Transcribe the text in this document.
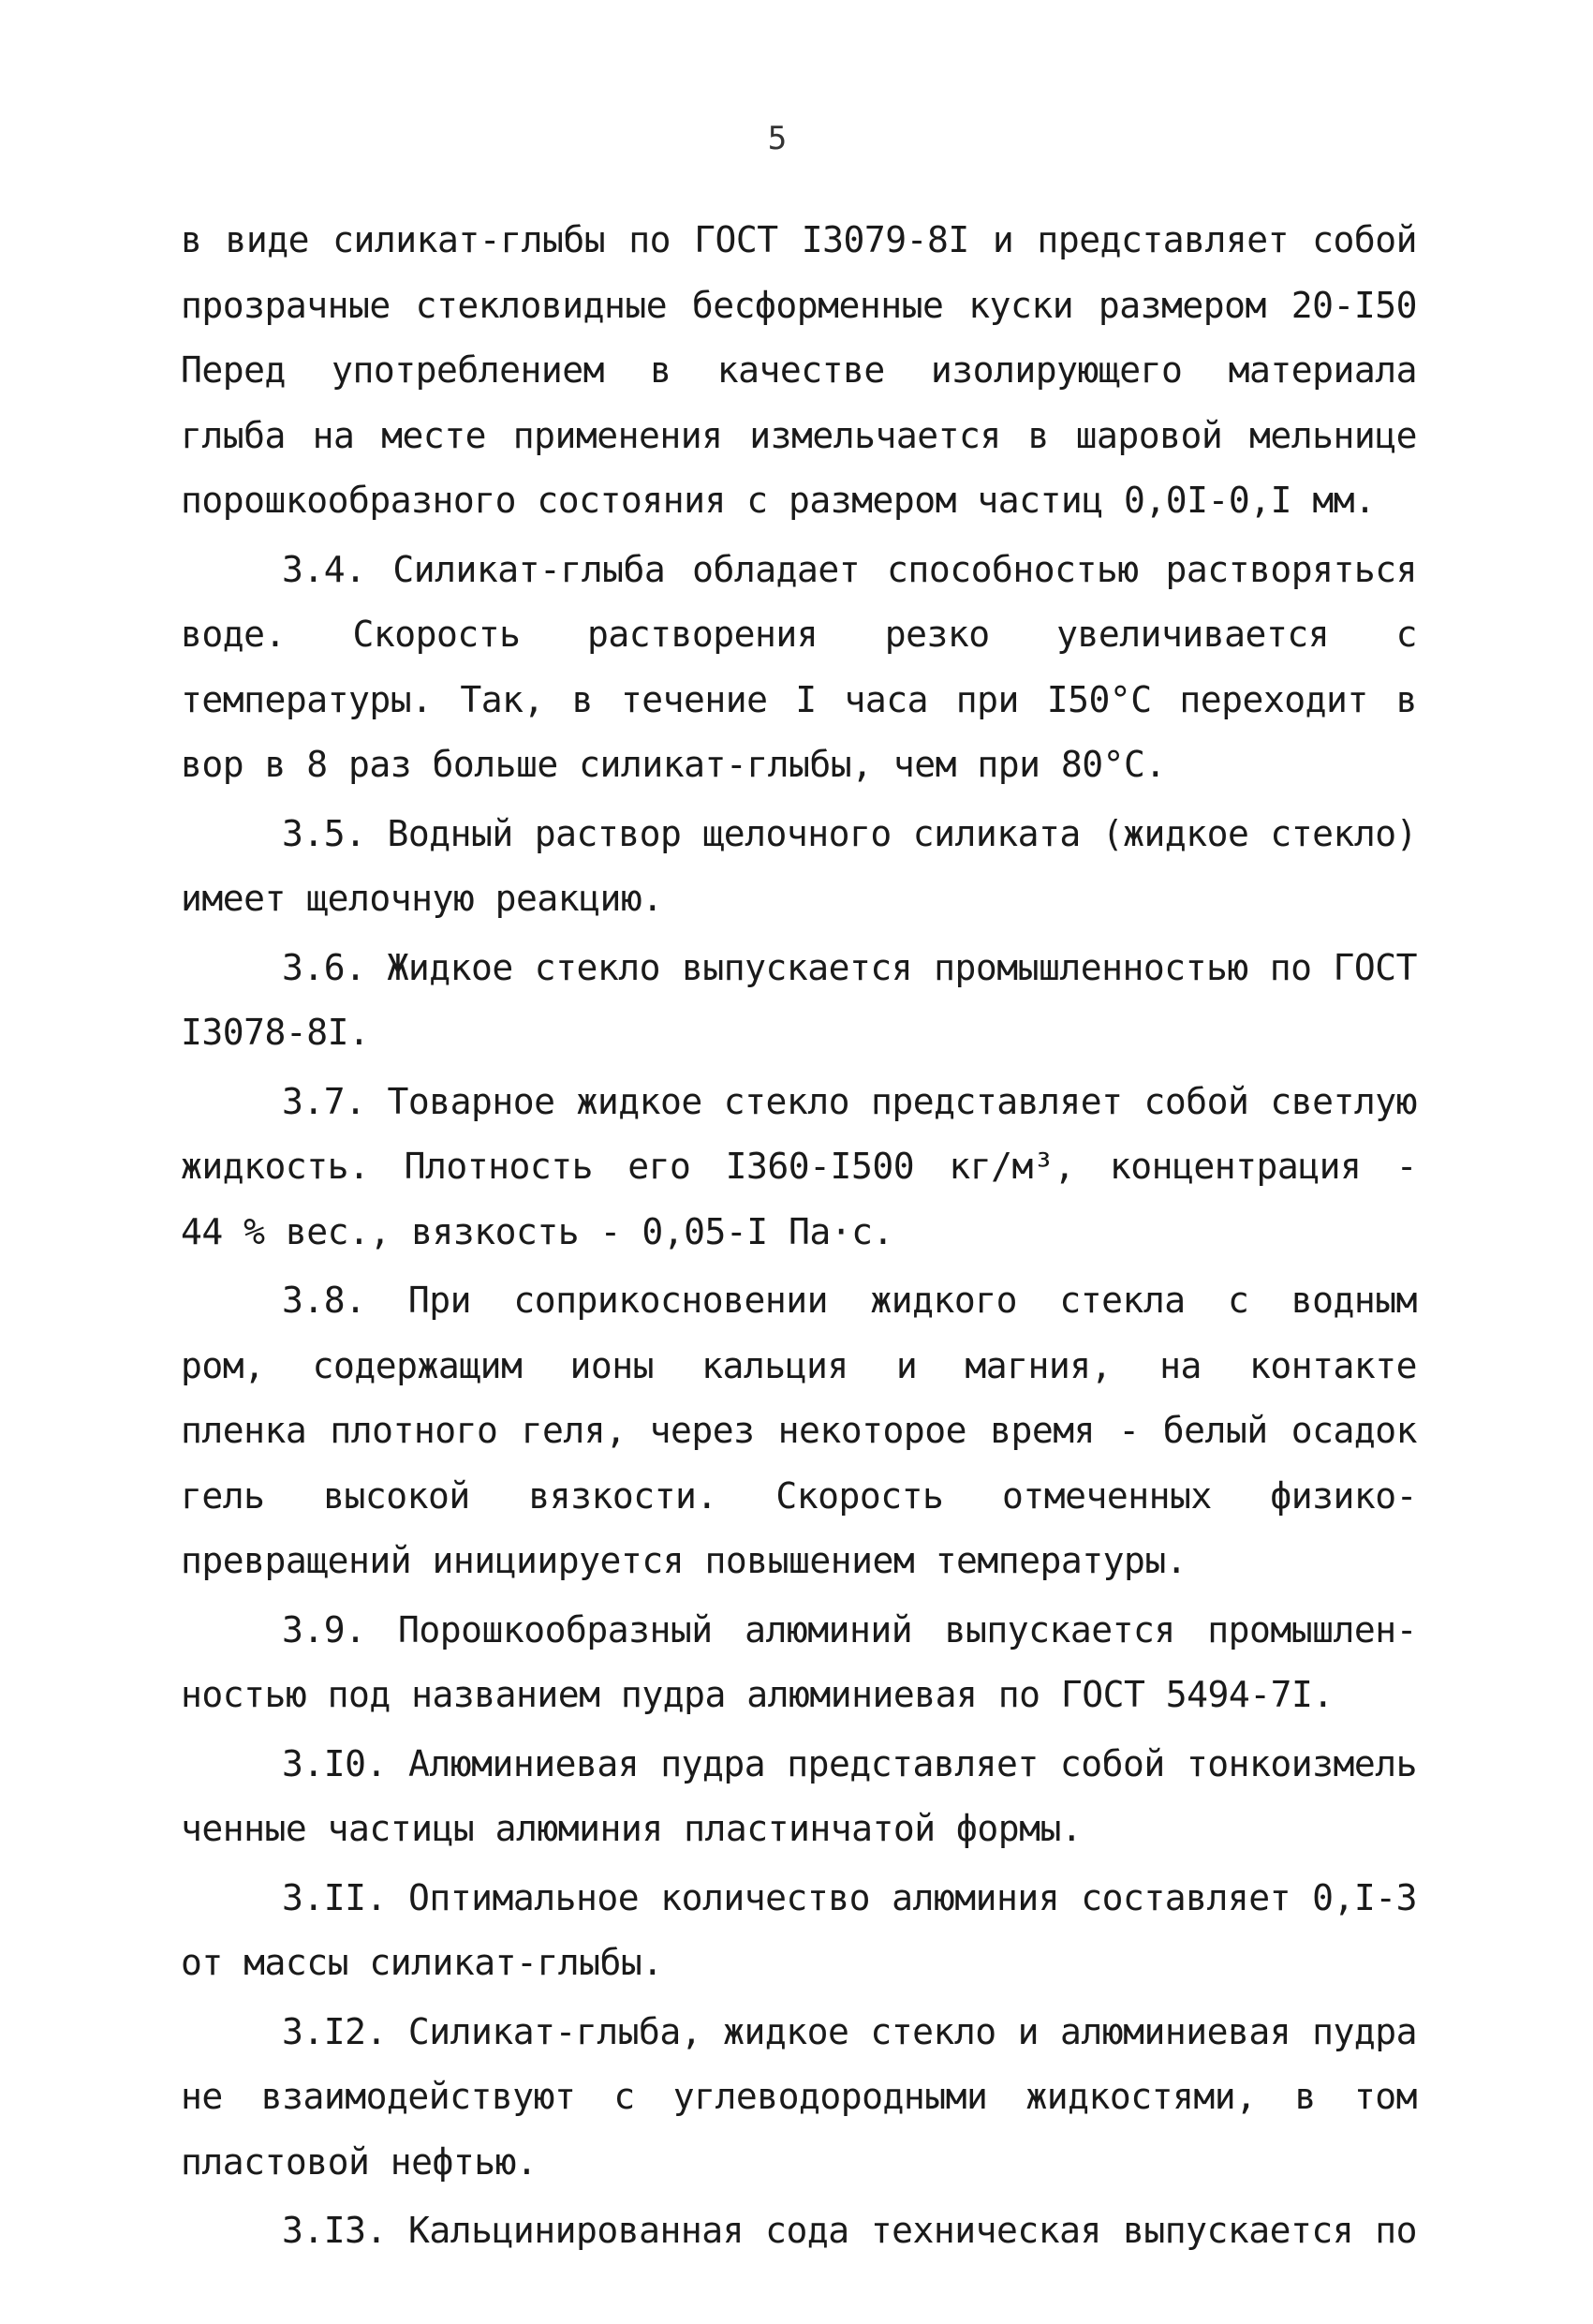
5
в виде силикат-глыбы по ГОСТ I3079-8I и представляет собой
прозрачные стекловидные бесформенные куски размером 20-I50
Перед употреблением в качестве изолирующего материала
глыба на месте применения измельчается в шаровой мельнице
порошкообразного состояния с размером частиц 0,0I-0,I мм.
3.4. Силикат-глыба обладает способностью растворяться
воде. Скорость растворения резко увеличивается с
температуры. Так, в течение I часа при I50°С переходит в
вор в 8 раз больше силикат-глыбы, чем при 80°С.
3.5. Водный раствор щелочного силиката (жидкое стекло)
имеет щелочную реакцию.
3.6. Жидкое стекло выпускается промышленностью по ГОСТ
I3078-8I.
3.7. Товарное жидкое стекло представляет собой светлую
жидкость. Плотность его I360-I500 кг/м³, концентрация -
44 % вес., вязкость - 0,05-I Па·с.
3.8. При соприкосновении жидкого стекла с водным
ром, содержащим ионы кальция и магния, на контакте
пленка плотного геля, через некоторое время - белый осадок
гель высокой вязкости. Скорость отмеченных физико-
превращений инициируется повышением температуры.
3.9. Порошкообразный алюминий выпускается промышлен-
ностью под названием пудра алюминиевая по ГОСТ 5494-7I.
3.I0. Алюминиевая пудра представляет собой тонкоизмель
ченные частицы алюминия пластинчатой формы.
3.II. Оптимальное количество алюминия составляет 0,I-3
от массы силикат-глыбы.
3.I2. Силикат-глыба, жидкое стекло и алюминиевая пудра
не взаимодействуют с углеводородными жидкостями, в том
пластовой нефтью.
3.I3. Кальцинированная сода техническая выпускается по
